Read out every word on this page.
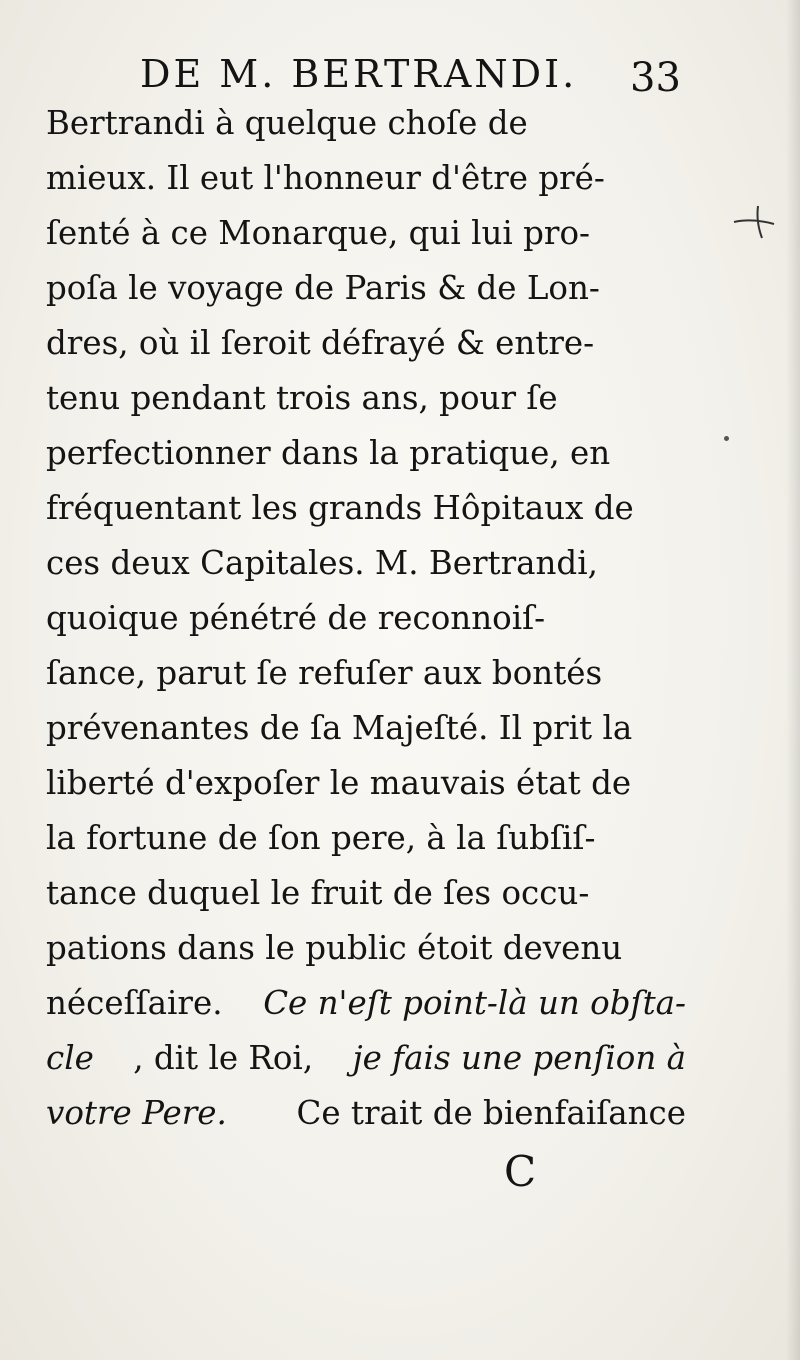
DE M. BERTRANDI. 33
Bertrandi à quelque choſe de
mieux. Il eut l'honneur d'être pré-
ſenté à ce Monarque, qui lui pro-
poſa le voyage de Paris & de Lon-
dres, où il ſeroit défrayé & entre-
tenu pendant trois ans, pour ſe
perfectionner dans la pratique, en
fréquentant les grands Hôpitaux de
ces deux Capitales. M. Bertrandi,
quoique pénétré de reconnoiſ-
ſance, parut ſe refuſer aux bontés
prévenantes de ſa Majeſté. Il prit la
liberté d'expoſer le mauvais état de
la fortune de ſon pere, à la ſubſiſ-
tance duquel le fruit de ſes occu-
pations dans le public étoit devenu
néceſſaire. Ce n'eſt point-là un obſta-
cle , dit le Roi, je fais une penſion à
votre Pere. Ce trait de bienfaiſance
C
